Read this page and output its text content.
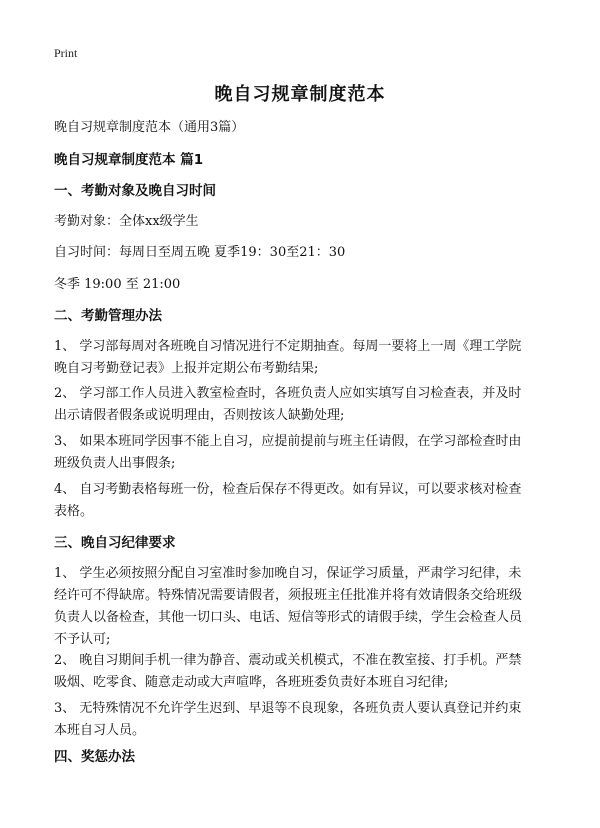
Print
晚自习规章制度范本
晚自习规章制度范本（通用3篇）
晚自习规章制度范本 篇1
一、考勤对象及晚自习时间
考勤对象：全体xx级学生
自习时间：每周日至周五晚 夏季19：30至21：30
冬季 19:00 至 21:00
二、考勤管理办法
1、 学习部每周对各班晚自习情况进行不定期抽查。每周一要将上一周《理工学院
晚自习考勤登记表》上报并定期公布考勤结果;
2、 学习部工作人员进入教室检查时，各班负责人应如实填写自习检查表，并及时
出示请假者假条或说明理由，否则按该人缺勤处理;
3、 如果本班同学因事不能上自习，应提前提前与班主任请假，在学习部检查时由
班级负责人出事假条;
4、 自习考勤表格每班一份，检查后保存不得更改。如有异议，可以要求核对检查
表格。
三、晚自习纪律要求
1、 学生必须按照分配自习室准时参加晚自习，保证学习质量，严肃学习纪律，未
经许可不得缺席。特殊情况需要请假者，须报班主任批准并将有效请假条交给班级
负责人以备检查，其他一切口头、电话、短信等形式的请假手续，学生会检查人员
不予认可;
2、 晚自习期间手机一律为静音、震动或关机模式，不准在教室接、打手机。严禁
吸烟、吃零食、随意走动或大声喧哗，各班班委负责好本班自习纪律;
3、 无特殊情况不允许学生迟到、早退等不良现象，各班负责人要认真登记并约束
本班自习人员。
四、奖惩办法
